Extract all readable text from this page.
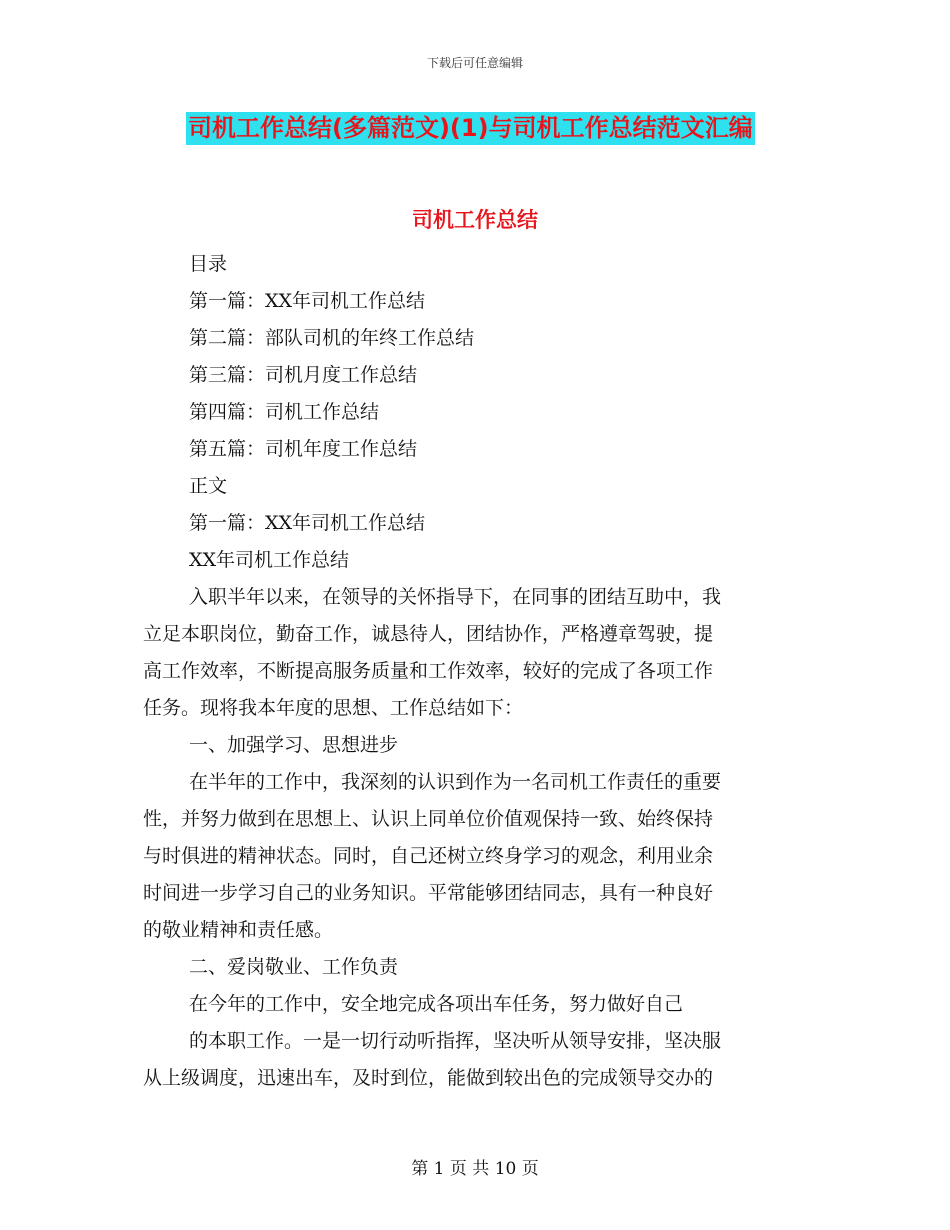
下载后可任意编辑
司机工作总结(多篇范文)(1)与司机工作总结范文汇编
司机工作总结
目录
第一篇：XX年司机工作总结
第二篇：部队司机的年终工作总结
第三篇：司机月度工作总结
第四篇：司机工作总结
第五篇：司机年度工作总结
正文
第一篇：XX年司机工作总结
XX年司机工作总结
入职半年以来，在领导的关怀指导下，在同事的团结互助中，我
立足本职岗位，勤奋工作，诚恳待人，团结协作，严格遵章驾驶，提
高工作效率，不断提高服务质量和工作效率，较好的完成了各项工作
任务。现将我本年度的思想、工作总结如下：
一、加强学习、思想进步
在半年的工作中，我深刻的认识到作为一名司机工作责任的重要
性，并努力做到在思想上、认识上同单位价值观保持一致、始终保持
与时俱进的精神状态。同时，自己还树立终身学习的观念，利用业余
时间进一步学习自己的业务知识。平常能够团结同志，具有一种良好
的敬业精神和责任感。
二、爱岗敬业、工作负责
在今年的工作中，安全地完成各项出车任务，努力做好自己
的本职工作。一是一切行动听指挥，坚决听从领导安排，坚决服
从上级调度，迅速出车，及时到位，能做到较出色的完成领导交办的
第 1 页 共 10 页
